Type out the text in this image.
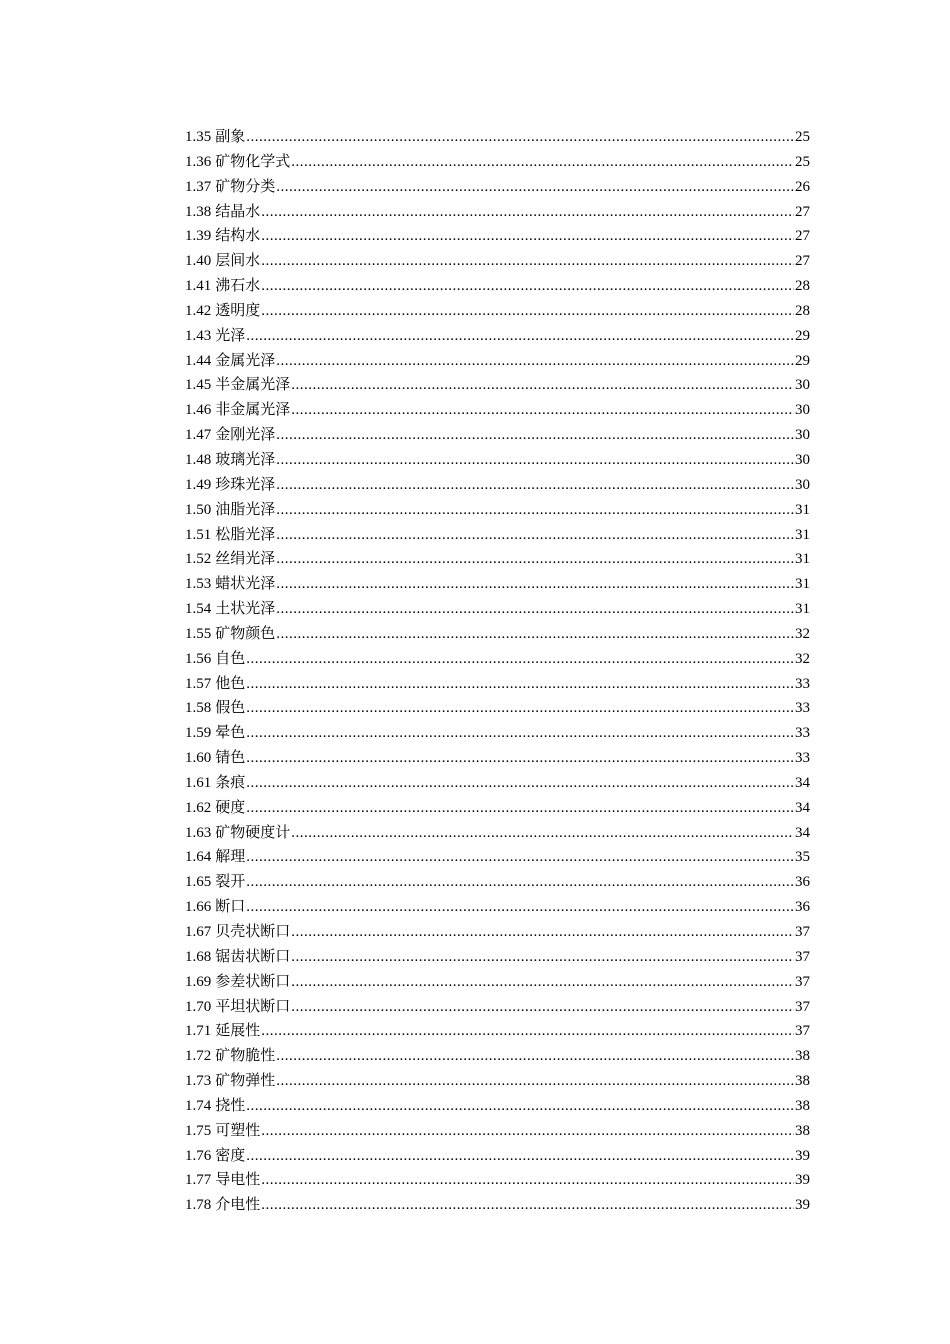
1.35 副象 .....	25
1.36 矿物化学式 .....	25
1.37 矿物分类 .....	26
1.38 结晶水 .....	27
1.39 结构水 .....	27
1.40 层间水 .....	27
1.41 沸石水 .....	28
1.42 透明度 .....	28
1.43 光泽 .....	29
1.44 金属光泽 .....	29
1.45 半金属光泽 .....	30
1.46 非金属光泽 .....	30
1.47 金刚光泽 .....	30
1.48 玻璃光泽 .....	30
1.49 珍珠光泽 .....	30
1.50 油脂光泽 .....	31
1.51 松脂光泽 .....	31
1.52 丝绢光泽 .....	31
1.53 蜡状光泽 .....	31
1.54 土状光泽 .....	31
1.55 矿物颜色 .....	32
1.56 自色 .....	32
1.57 他色 .....	33
1.58 假色 .....	33
1.59 晕色 .....	33
1.60 锖色 .....	33
1.61 条痕 .....	34
1.62 硬度 .....	34
1.63 矿物硬度计 .....	34
1.64 解理 .....	35
1.65 裂开 .....	36
1.66 断口 .....	36
1.67 贝壳状断口 .....	37
1.68 锯齿状断口 .....	37
1.69 参差状断口 .....	37
1.70 平坦状断口 .....	37
1.71 延展性 .....	37
1.72 矿物脆性 .....	38
1.73 矿物弹性 .....	38
1.74 挠性 .....	38
1.75 可塑性 .....	38
1.76 密度 .....	39
1.77 导电性 .....	39
1.78 介电性 .....	39
